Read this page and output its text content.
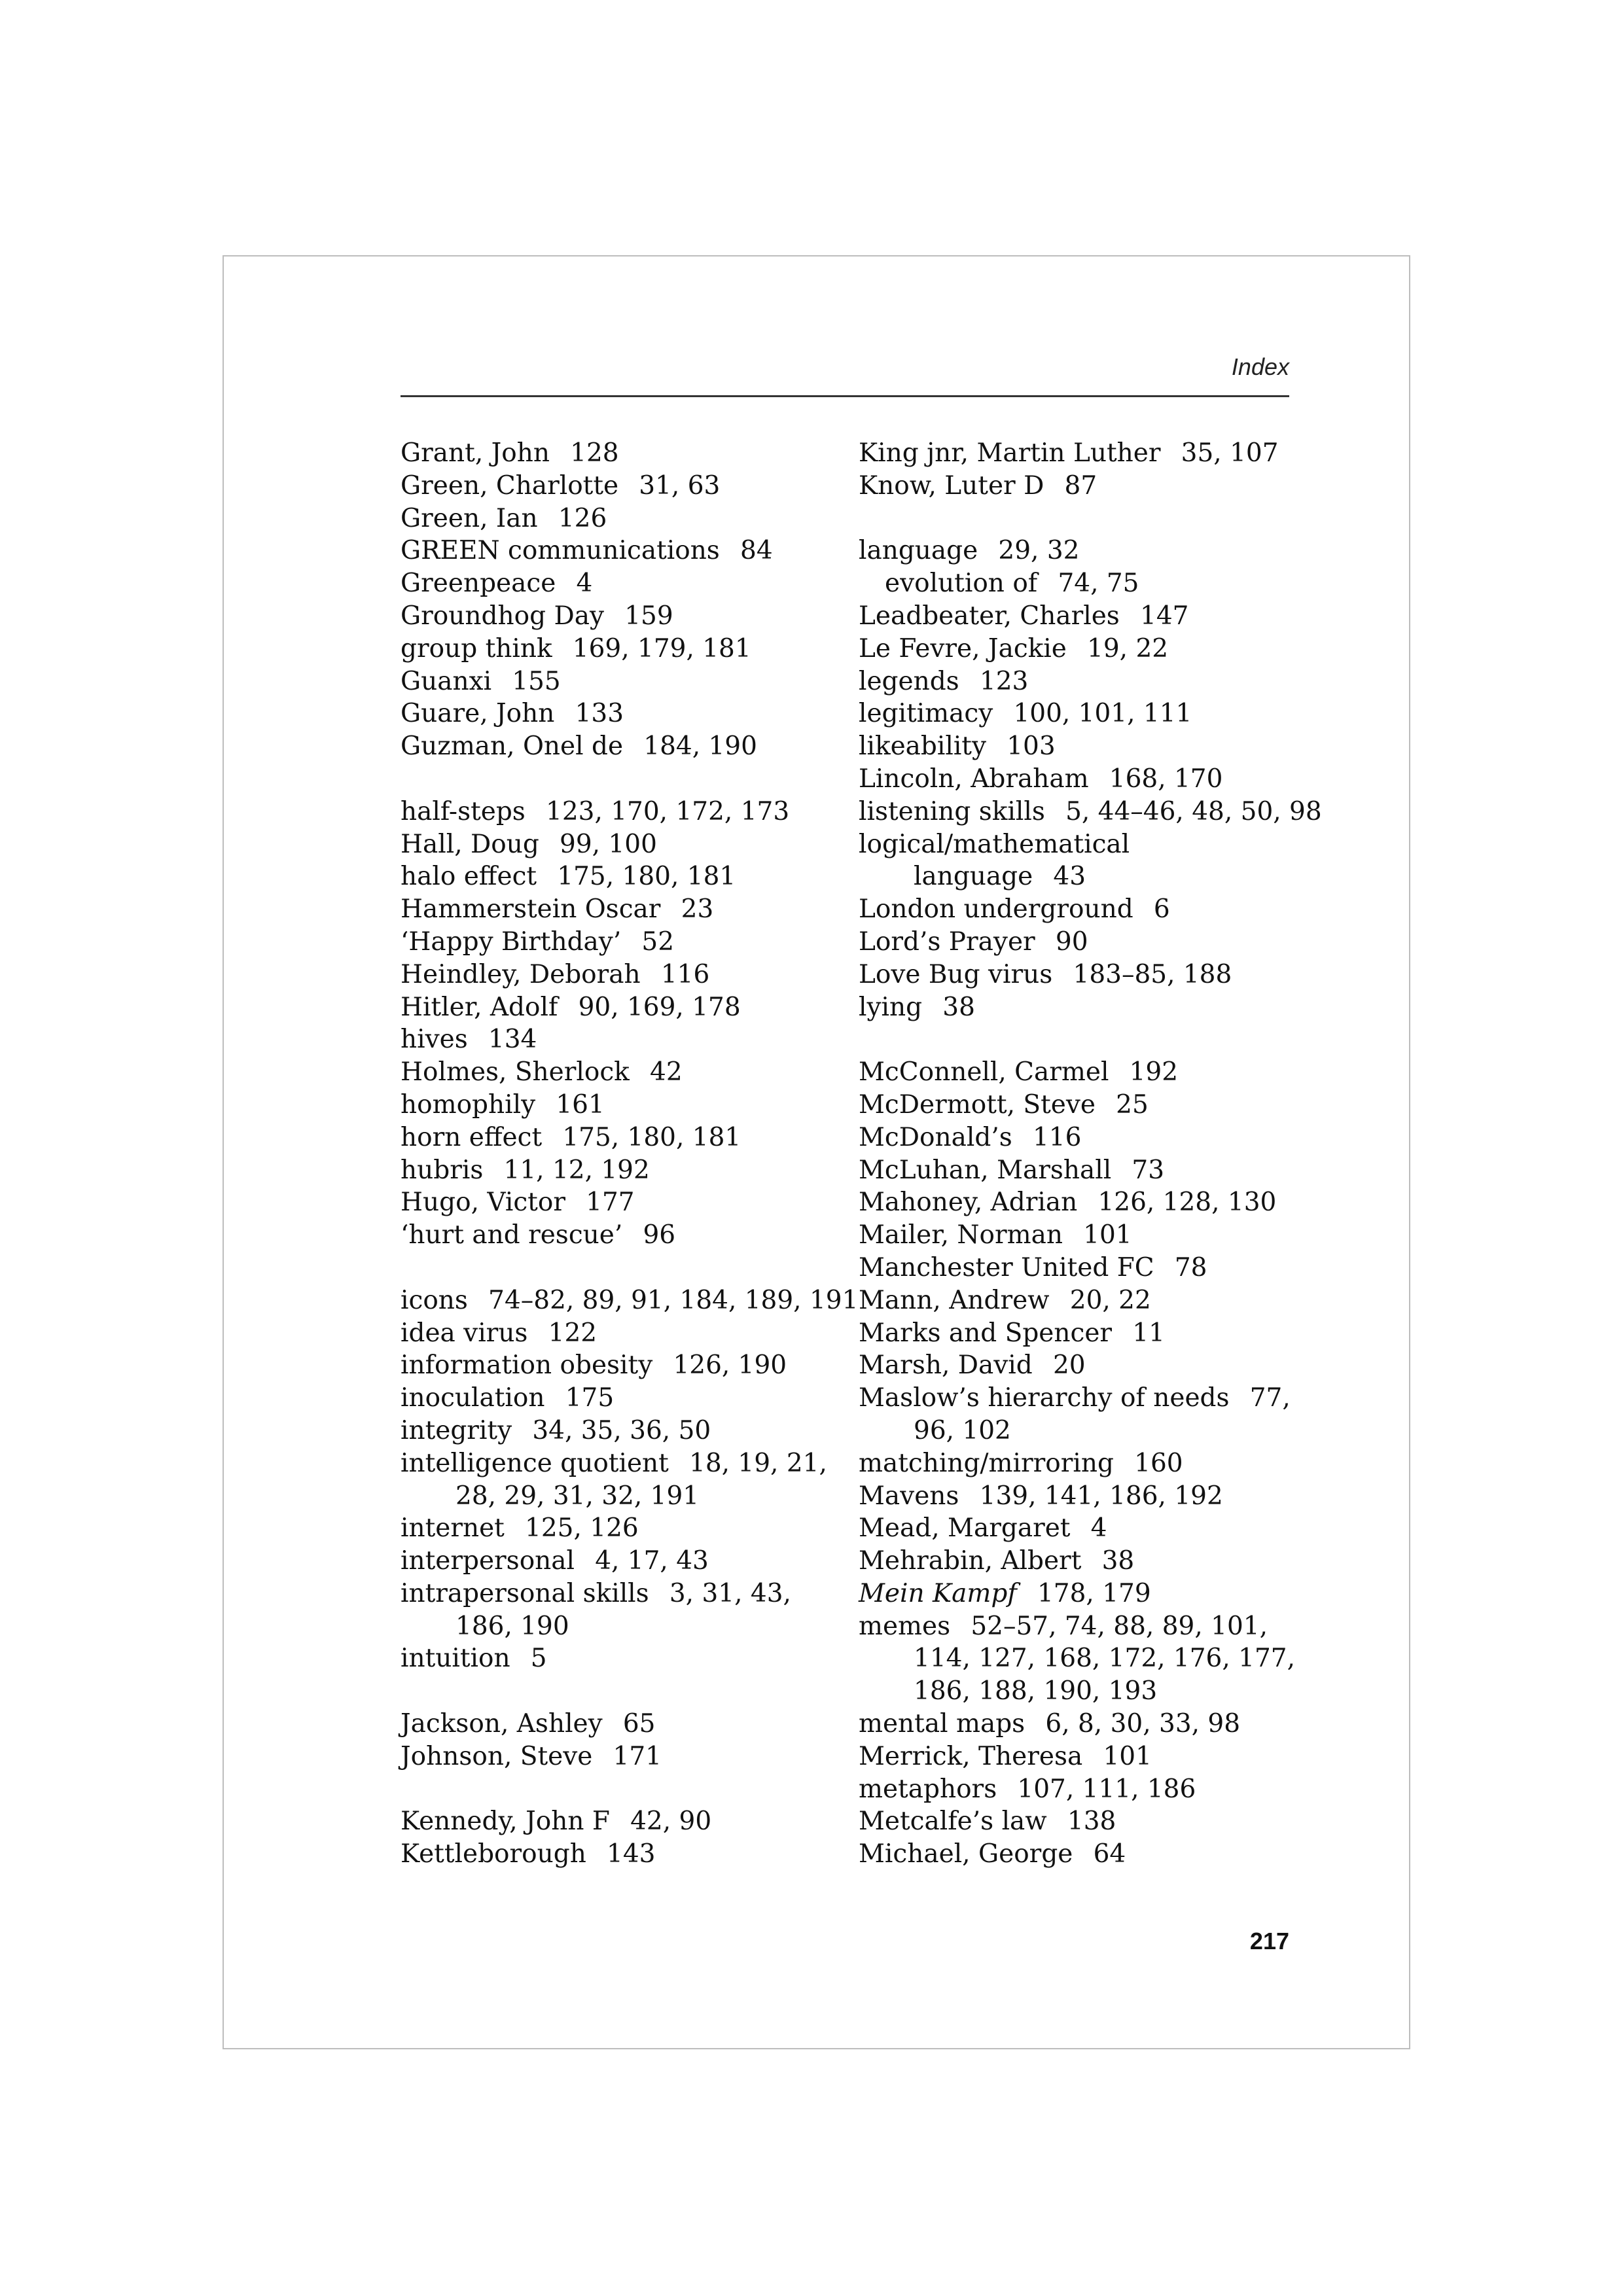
Index
Grant, John 128
Green, Charlotte 31, 63
Green, Ian 126
GREEN communications 84
Greenpeace 4
Groundhog Day 159
group think 169, 179, 181
Guanxi 155
Guare, John 133
Guzman, Onel de 184, 190
half-steps 123, 170, 172, 173
Hall, Doug 99, 100
halo effect 175, 180, 181
Hammerstein Oscar 23
‘Happy Birthday’ 52
Heindley, Deborah 116
Hitler, Adolf 90, 169, 178
hives 134
Holmes, Sherlock 42
homophily 161
horn effect 175, 180, 181
hubris 11, 12, 192
Hugo, Victor 177
‘hurt and rescue’ 96
icons 74–82, 89, 91, 184, 189, 191
idea virus 122
information obesity 126, 190
inoculation 175
integrity 34, 35, 36, 50
intelligence quotient 18, 19, 21, 28, 29, 31, 32, 191
internet 125, 126
interpersonal 4, 17, 43
intrapersonal skills 3, 31, 43, 186, 190
intuition 5
Jackson, Ashley 65
Johnson, Steve 171
Kennedy, John F 42, 90
Kettleborough 143
King jnr, Martin Luther 35, 107
Know, Luter D 87
language 29, 32
evolution of 74, 75
Leadbeater, Charles 147
Le Fevre, Jackie 19, 22
legends 123
legitimacy 100, 101, 111
likeability 103
Lincoln, Abraham 168, 170
listening skills 5, 44–46, 48, 50, 98
logical/mathematical language 43
London underground 6
Lord’s Prayer 90
Love Bug virus 183–85, 188
lying 38
McConnell, Carmel 192
McDermott, Steve 25
McDonald’s 116
McLuhan, Marshall 73
Mahoney, Adrian 126, 128, 130
Mailer, Norman 101
Manchester United FC 78
Mann, Andrew 20, 22
Marks and Spencer 11
Marsh, David 20
Maslow’s hierarchy of needs 77, 96, 102
matching/mirroring 160
Mavens 139, 141, 186, 192
Mead, Margaret 4
Mehrabin, Albert 38
Mein Kampf 178, 179
memes 52–57, 74, 88, 89, 101, 114, 127, 168, 172, 176, 177, 186, 188, 190, 193
mental maps 6, 8, 30, 33, 98
Merrick, Theresa 101
metaphors 107, 111, 186
Metcalfe’s law 138
Michael, George 64
217
